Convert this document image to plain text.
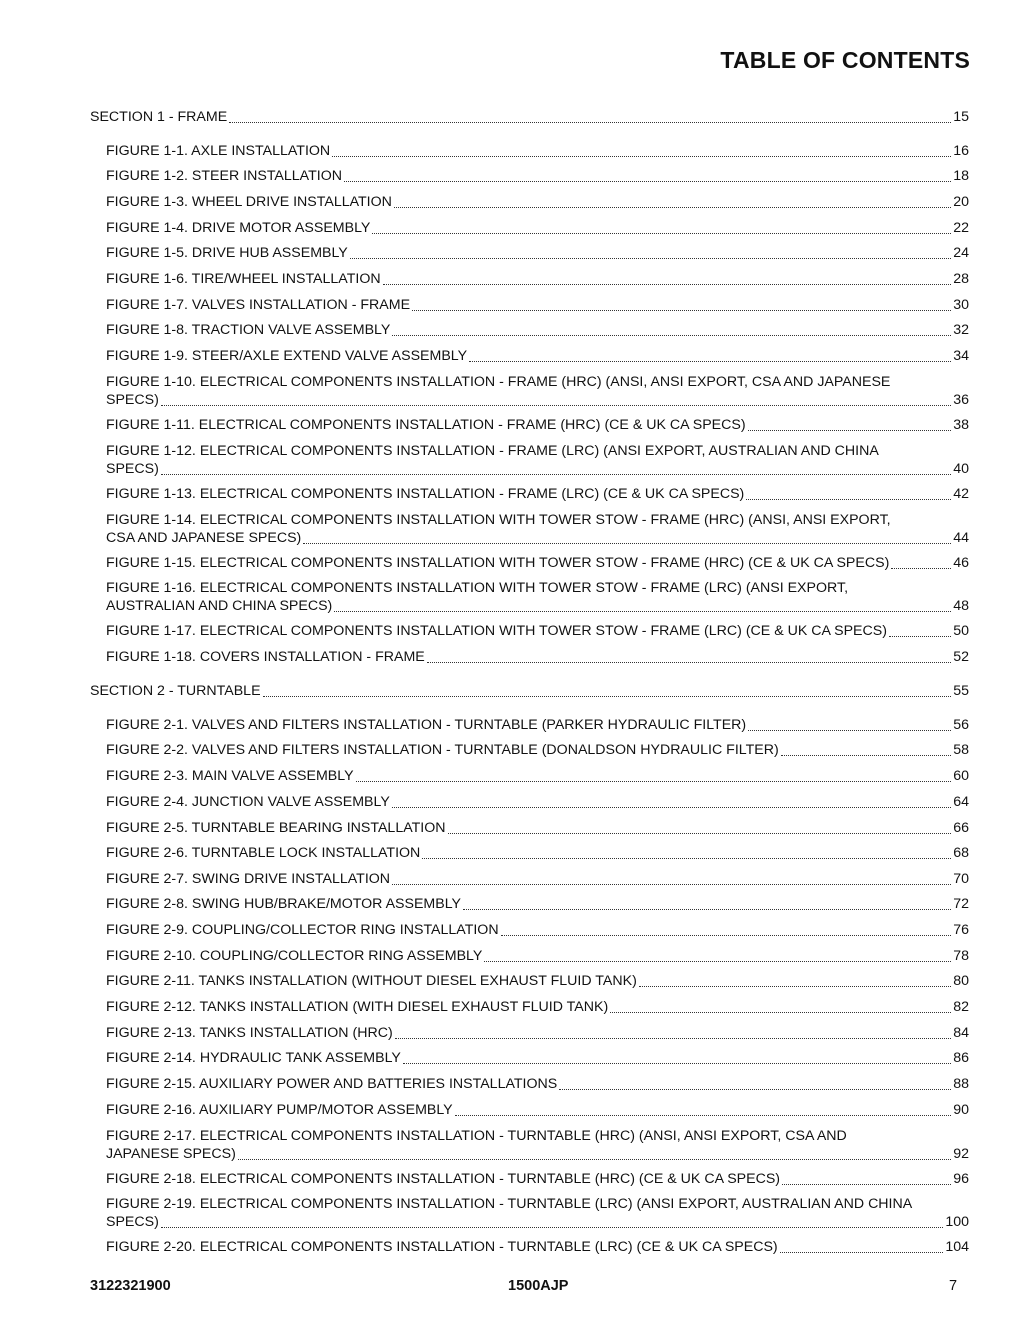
TABLE OF CONTENTS
SECTION 1 - FRAME	15
FIGURE 1-1. AXLE INSTALLATION	16
FIGURE 1-2. STEER INSTALLATION	18
FIGURE 1-3. WHEEL DRIVE INSTALLATION	20
FIGURE 1-4. DRIVE MOTOR ASSEMBLY	22
FIGURE 1-5. DRIVE HUB ASSEMBLY	24
FIGURE 1-6. TIRE/WHEEL INSTALLATION	28
FIGURE 1-7. VALVES INSTALLATION - FRAME	30
FIGURE 1-8. TRACTION VALVE ASSEMBLY	32
FIGURE 1-9. STEER/AXLE EXTEND VALVE ASSEMBLY	34
FIGURE 1-10. ELECTRICAL COMPONENTS INSTALLATION - FRAME (HRC) (ANSI, ANSI EXPORT, CSA AND JAPANESE
SPECS)	36
FIGURE 1-11. ELECTRICAL COMPONENTS INSTALLATION - FRAME (HRC) (CE & UK CA SPECS)	38
FIGURE 1-12. ELECTRICAL COMPONENTS INSTALLATION - FRAME (LRC) (ANSI EXPORT, AUSTRALIAN AND CHINA
SPECS)	40
FIGURE 1-13. ELECTRICAL COMPONENTS INSTALLATION - FRAME (LRC) (CE & UK CA SPECS)	42
FIGURE 1-14. ELECTRICAL COMPONENTS INSTALLATION WITH TOWER STOW - FRAME (HRC) (ANSI, ANSI EXPORT,
CSA AND JAPANESE SPECS)	44
FIGURE 1-15. ELECTRICAL COMPONENTS INSTALLATION WITH TOWER STOW - FRAME (HRC) (CE & UK CA SPECS)	46
FIGURE 1-16. ELECTRICAL COMPONENTS INSTALLATION WITH TOWER STOW - FRAME (LRC) (ANSI EXPORT,
AUSTRALIAN AND CHINA SPECS)	48
FIGURE 1-17. ELECTRICAL COMPONENTS INSTALLATION WITH TOWER STOW - FRAME (LRC) (CE & UK CA SPECS)	50
FIGURE 1-18. COVERS INSTALLATION - FRAME	52
SECTION 2 - TURNTABLE	55
FIGURE 2-1. VALVES AND FILTERS INSTALLATION - TURNTABLE (PARKER HYDRAULIC FILTER)	56
FIGURE 2-2. VALVES AND FILTERS INSTALLATION - TURNTABLE (DONALDSON HYDRAULIC FILTER)	58
FIGURE 2-3. MAIN VALVE ASSEMBLY	60
FIGURE 2-4. JUNCTION VALVE ASSEMBLY	64
FIGURE 2-5. TURNTABLE BEARING INSTALLATION	66
FIGURE 2-6. TURNTABLE LOCK INSTALLATION	68
FIGURE 2-7. SWING DRIVE INSTALLATION	70
FIGURE 2-8. SWING HUB/BRAKE/MOTOR ASSEMBLY	72
FIGURE 2-9. COUPLING/COLLECTOR RING INSTALLATION	76
FIGURE 2-10. COUPLING/COLLECTOR RING ASSEMBLY	78
FIGURE 2-11. TANKS INSTALLATION (WITHOUT DIESEL EXHAUST FLUID TANK)	80
FIGURE 2-12. TANKS INSTALLATION (WITH DIESEL EXHAUST FLUID TANK)	82
FIGURE 2-13. TANKS INSTALLATION (HRC)	84
FIGURE 2-14. HYDRAULIC TANK ASSEMBLY	86
FIGURE 2-15. AUXILIARY POWER AND BATTERIES INSTALLATIONS	88
FIGURE 2-16. AUXILIARY PUMP/MOTOR ASSEMBLY	90
FIGURE 2-17. ELECTRICAL COMPONENTS INSTALLATION - TURNTABLE (HRC) (ANSI, ANSI EXPORT, CSA AND
JAPANESE SPECS)	92
FIGURE 2-18. ELECTRICAL COMPONENTS INSTALLATION - TURNTABLE (HRC) (CE & UK CA SPECS)	96
FIGURE 2-19. ELECTRICAL COMPONENTS INSTALLATION - TURNTABLE (LRC) (ANSI EXPORT, AUSTRALIAN AND CHINA
SPECS)	100
FIGURE 2-20. ELECTRICAL COMPONENTS INSTALLATION - TURNTABLE (LRC) (CE & UK CA SPECS)	104
3122321900	1500AJP	7
